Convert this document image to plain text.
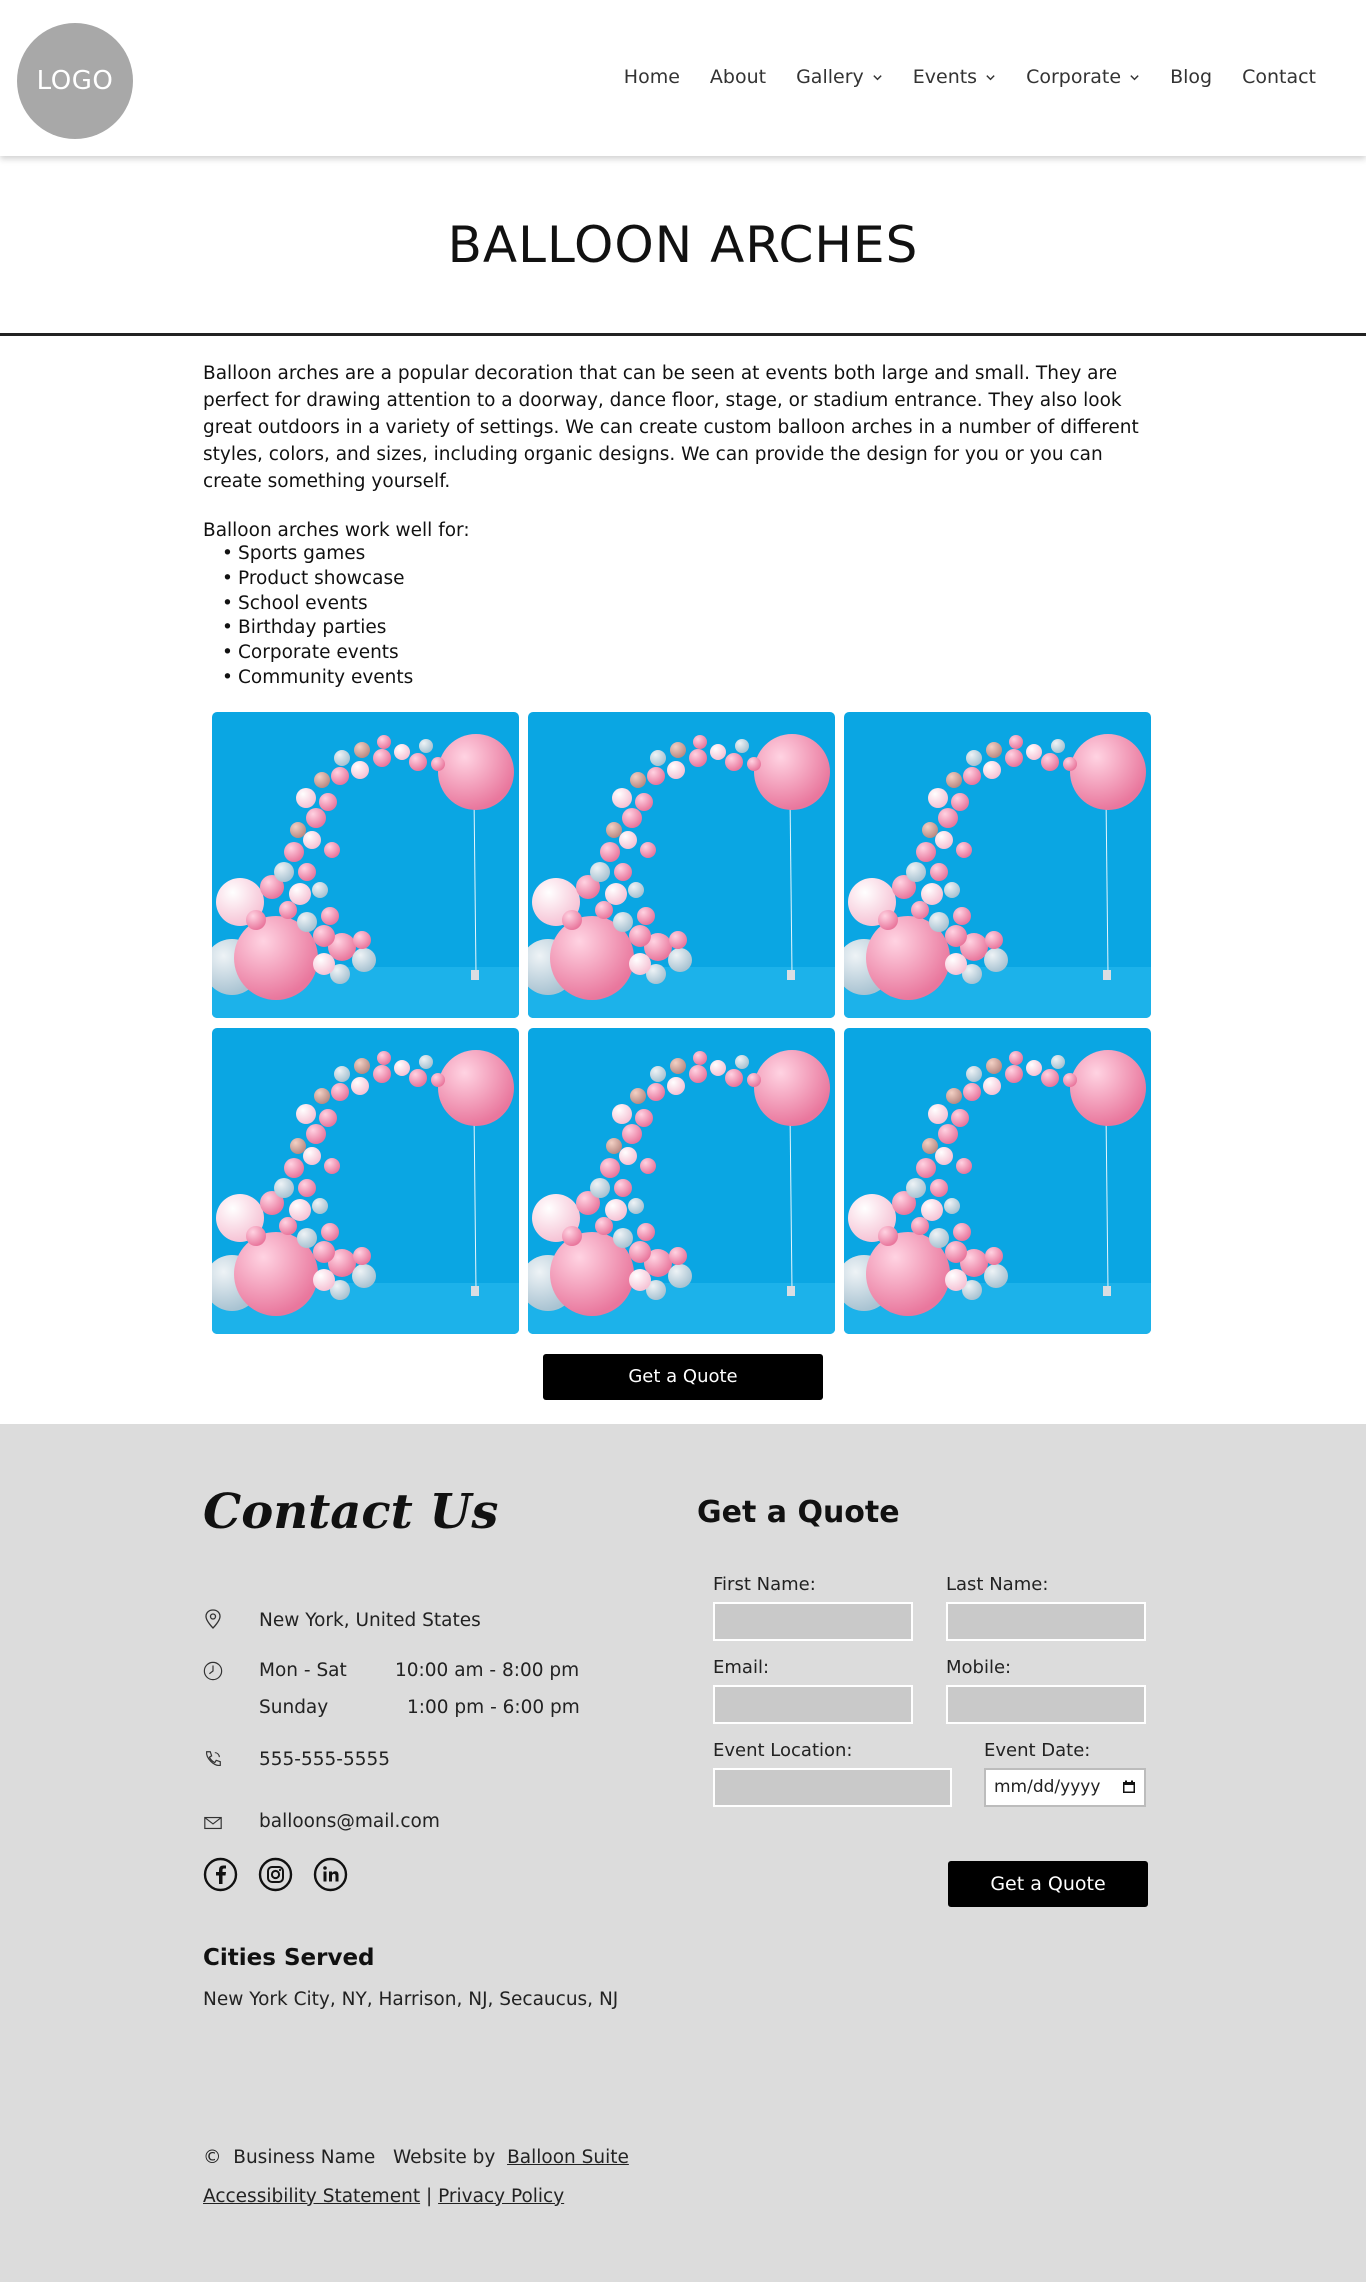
LOGO	Home About Gallery	Events	Corporate	Blog Contact
BALLOON ARCHES

Balloon arches are a popular decoration that can be seen at events both large and small. They are perfect for drawing attention to a doorway, dance floor, stage, or stadium entrance. They also look great outdoors in a variety of settings. We can create custom balloon arches in a number of different styles, colors, and sizes, including organic designs. We can provide the design for you or you can create something yourself.

Balloon arches work well for:

• Sports games
• Product showcase
• School events
• Birthday parties
• Corporate events
• Community events
Get a Quote
Contact Us
New York, United States
Mon - Sat	10:00 am - 8:00 pm
Sunday	1:00 pm - 6:00 pm
555-555-5555
balloons@mail.com
Cities Served

New York City, NY, Harrison, NJ, Secaucus, NJ

© Business Name Website by Balloon Suite

Accessibility Statement | Privacy Policy

Get a Quote
First Name:	Last Name:
Email:	Mobile:
Event Location:	Event Date:
mm/dd/yyyy
Get a Quote
